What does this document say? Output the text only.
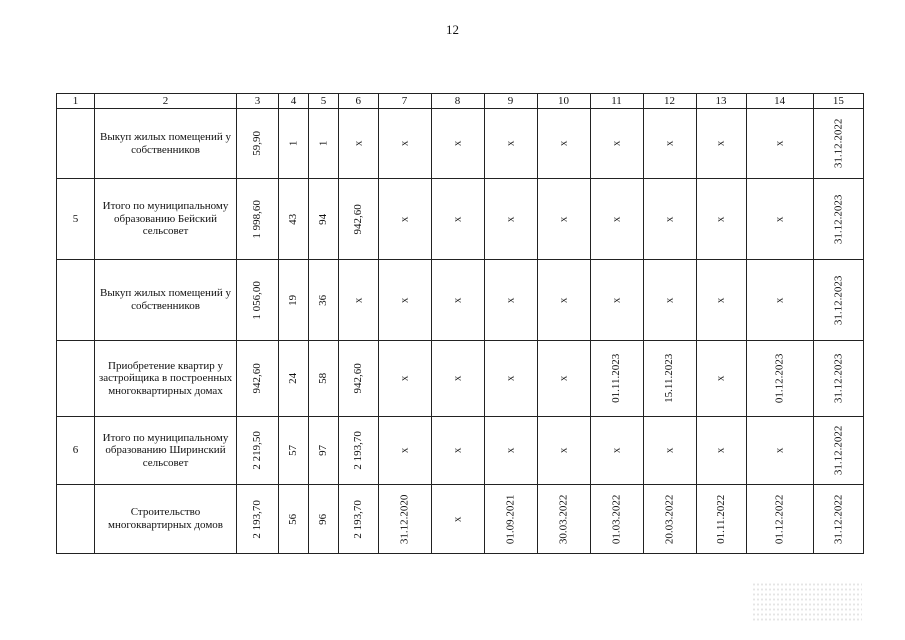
12
1	2	3	4	5	6	7	8	9	10	11	12	13	14	15
	Выкуп жилых помещений у собственников	59,90	1	1	x	x	x	x	x	x	x	x	x	31.12.2022
5	Итого по муниципальному образованию Бейский сельсовет	1 998,60	43	94	942,60	x	x	x	x	x	x	x	x	31.12.2023
	Выкуп жилых помещений у собственников	1 056,00	19	36	x	x	x	x	x	x	x	x	x	31.12.2023
	Приобретение квартир у застройщика в построенных многоквартирных домах	942,60	24	58	942,60	x	x	x	x	01.11.2023	15.11.2023	x	01.12.2023	31.12.2023
6	Итого по муниципальному образованию Ширинский сельсовет	2 219,50	57	97	2 193,70	x	x	x	x	x	x	x	x	31.12.2022
	Строительство многоквартирных домов	2 193,70	56	96	2 193,70	31.12.2020	x	01.09.2021	30.03.2022	01.03.2022	20.03.2022	01.11.2022	01.12.2022	31.12.2022
